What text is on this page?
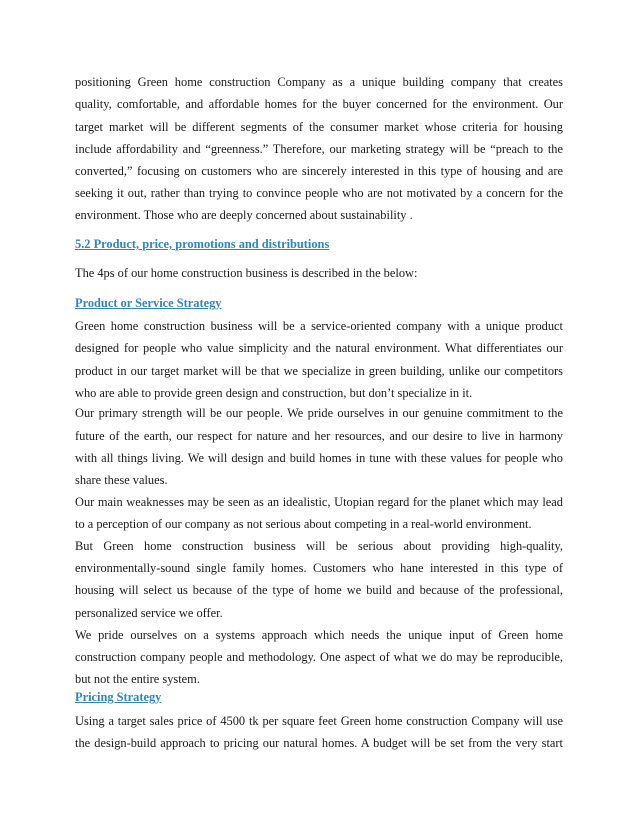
positioning Green home construction Company as a unique building company that creates
quality, comfortable, and affordable homes for the buyer concerned for the environment. Our
target market will be different segments of the consumer market whose criteria for housing
include affordability and “greenness.” Therefore, our marketing strategy will be “preach to the
converted,” focusing on customers who are sincerely interested in this type of housing and are
seeking it out, rather than trying to convince people who are not motivated by a concern for the
environment. Those who are deeply concerned about sustainability .
5.2 Product, price, promotions and distributions
The 4ps of our home construction business is described in the below:
Product or Service Strategy
Green home construction business will be a service-oriented company with a unique product
designed for people who value simplicity and the natural environment. What differentiates our
product in our target market will be that we specialize in green building, unlike our competitors
who are able to provide green design and construction, but don’t specialize in it.
Our primary strength will be our people. We pride ourselves in our genuine commitment to the
future of the earth, our respect for nature and her resources, and our desire to live in harmony
with all things living. We will design and build homes in tune with these values for people who
share these values.
Our main weaknesses may be seen as an idealistic, Utopian regard for the planet which may lead
to a perception of our company as not serious about competing in a real-world environment.
But Green home construction business will be serious about providing high-quality,
environmentally-sound single family homes. Customers who hane interested in this type of
housing will select us because of the type of home we build and because of the professional,
personalized service we offer.
We pride ourselves on a systems approach which needs the unique input of Green home
construction company people and methodology. One aspect of what we do may be reproducible,
but not the entire system.
Pricing Strategy
Using a target sales price of 4500 tk per square feet Green home construction Company will use
the design-build approach to pricing our natural homes. A budget will be set from the very start
